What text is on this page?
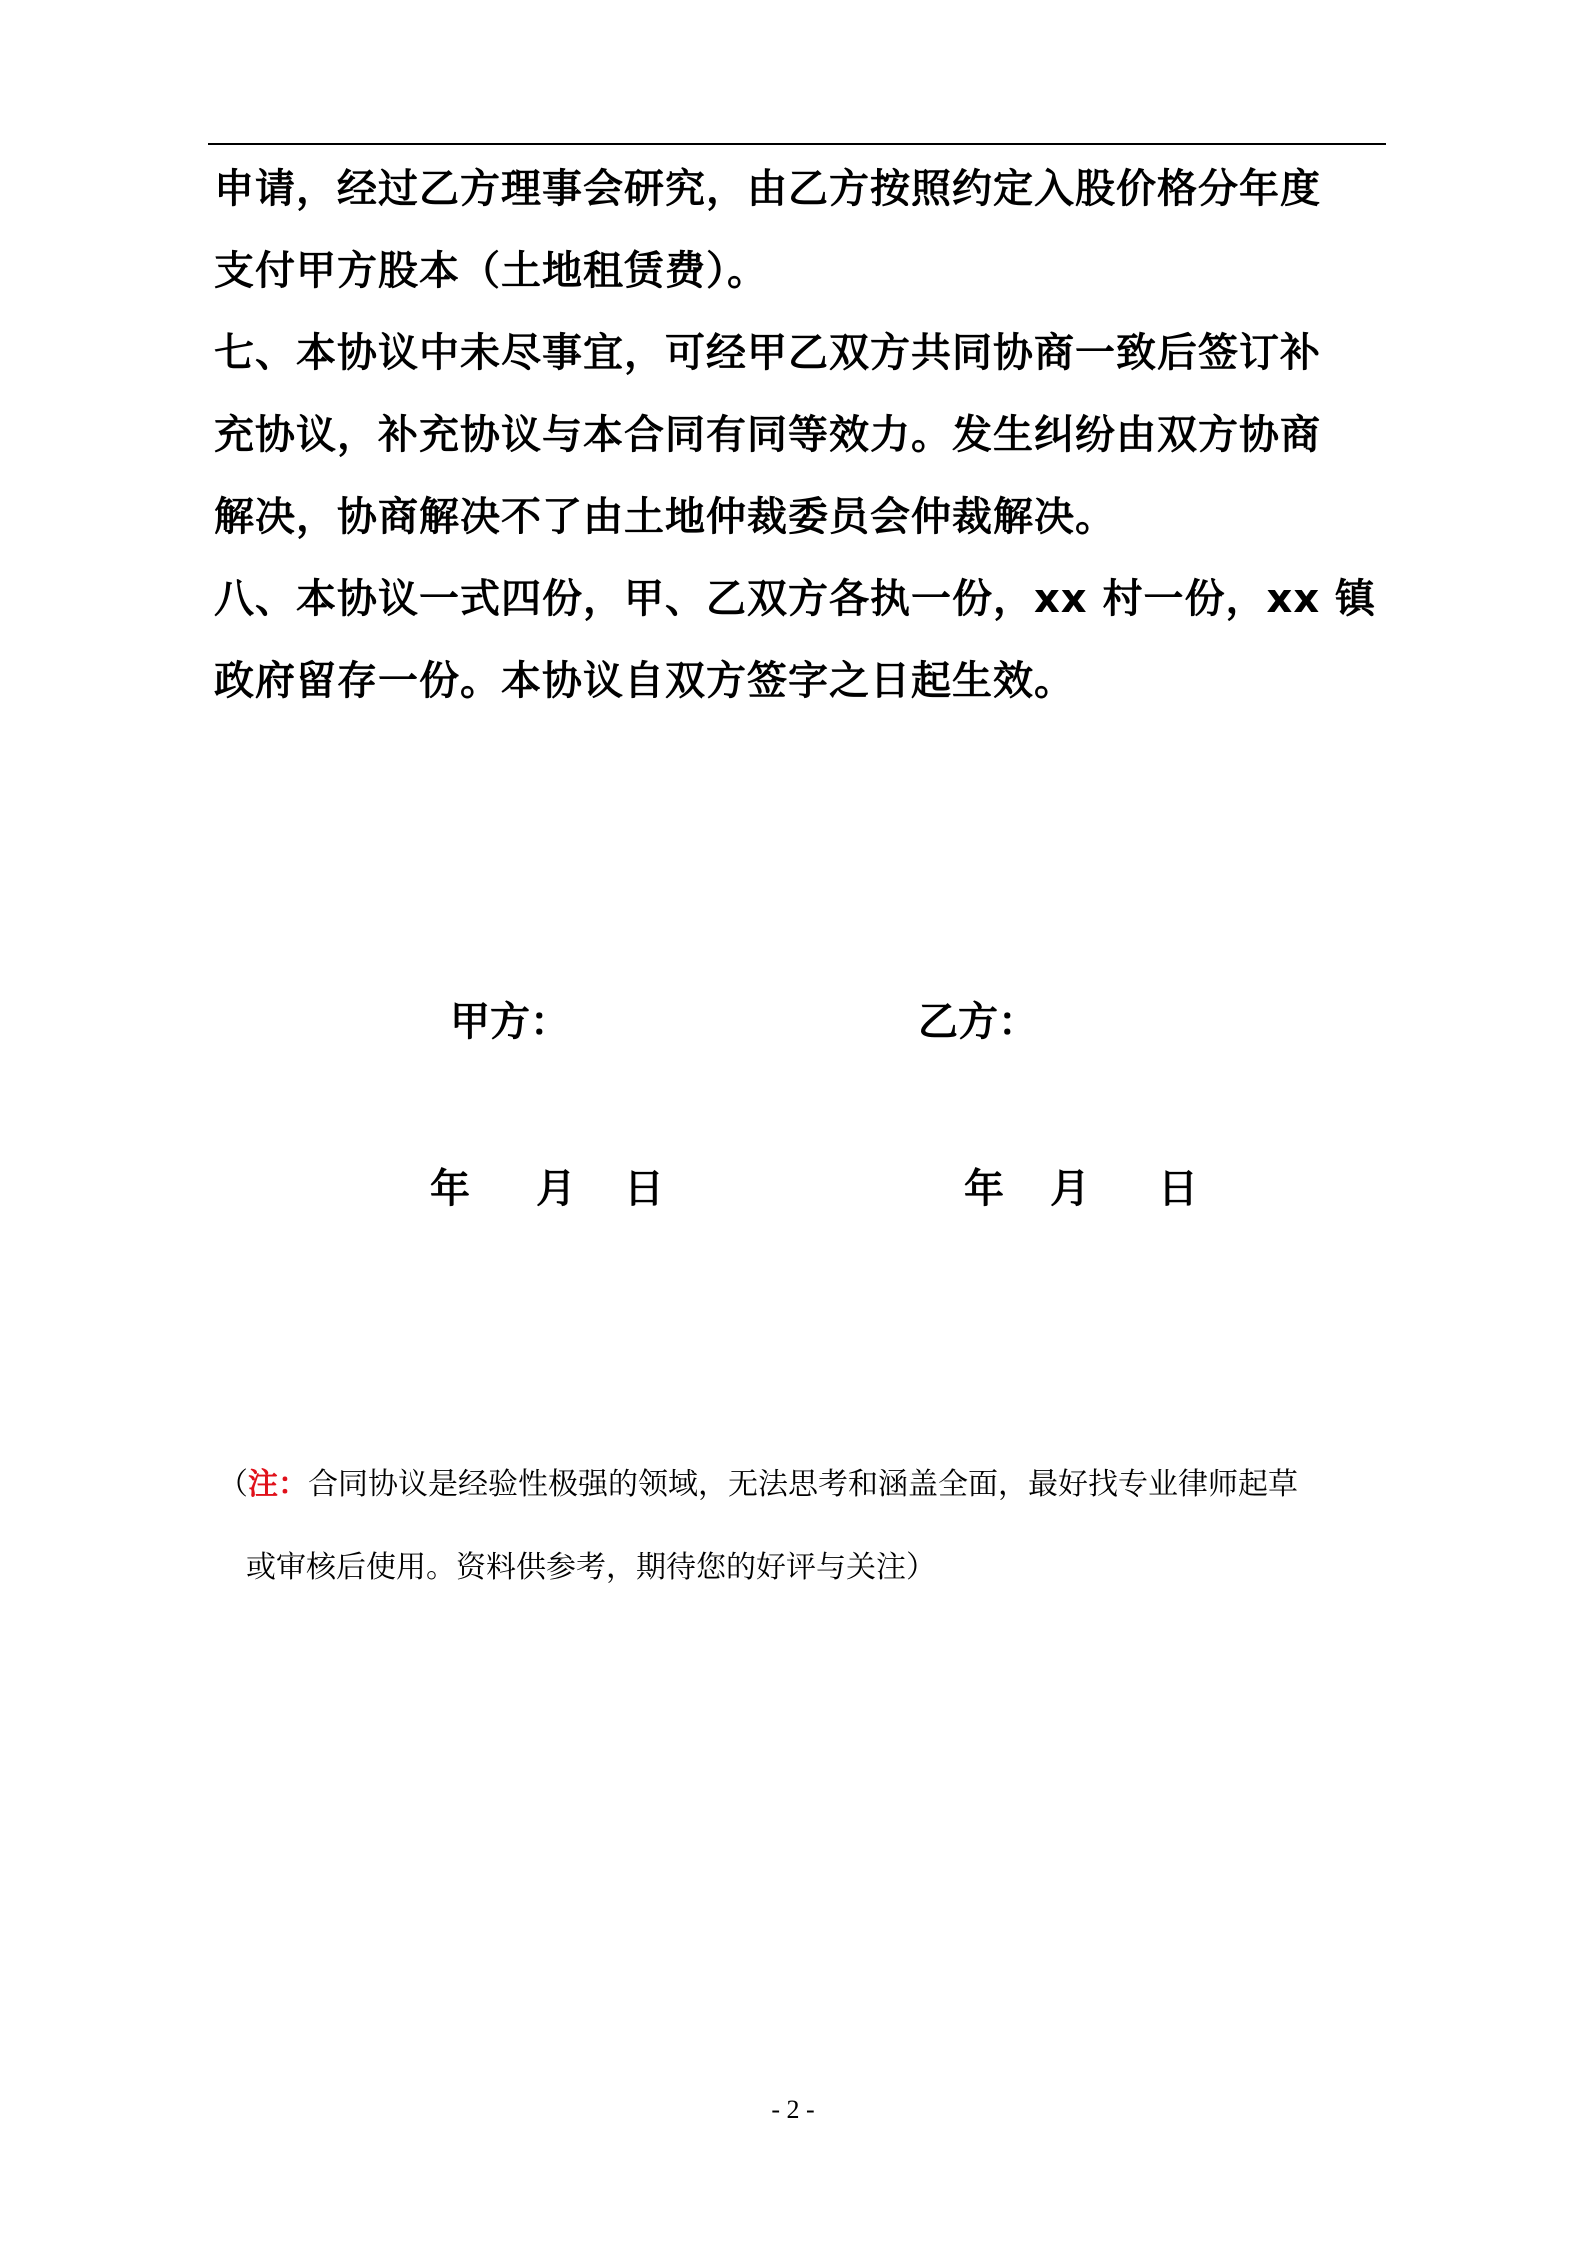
申请，经过乙方理事会研究，由乙方按照约定入股价格分年度

支付甲方股本（土地租赁费）。

七、本协议中未尽事宜，可经甲乙双方共同协商一致后签订补

充协议，补充协议与本合同有同等效力。发生纠纷由双方协商

解决，协商解决不了由土地仲裁委员会仲裁解决。

八、本协议一式四份，甲、乙双方各执一份，xx 村一份，xx 镇

政府留存一份。本协议自双方签字之日起生效。

甲方：	乙方：
年 月 日	年 月 日
（注：合同协议是经验性极强的领域，无法思考和涵盖全面，最好找专业律师起草
或审核后使用。资料供参考，期待您的好评与关注）
- 2 -
